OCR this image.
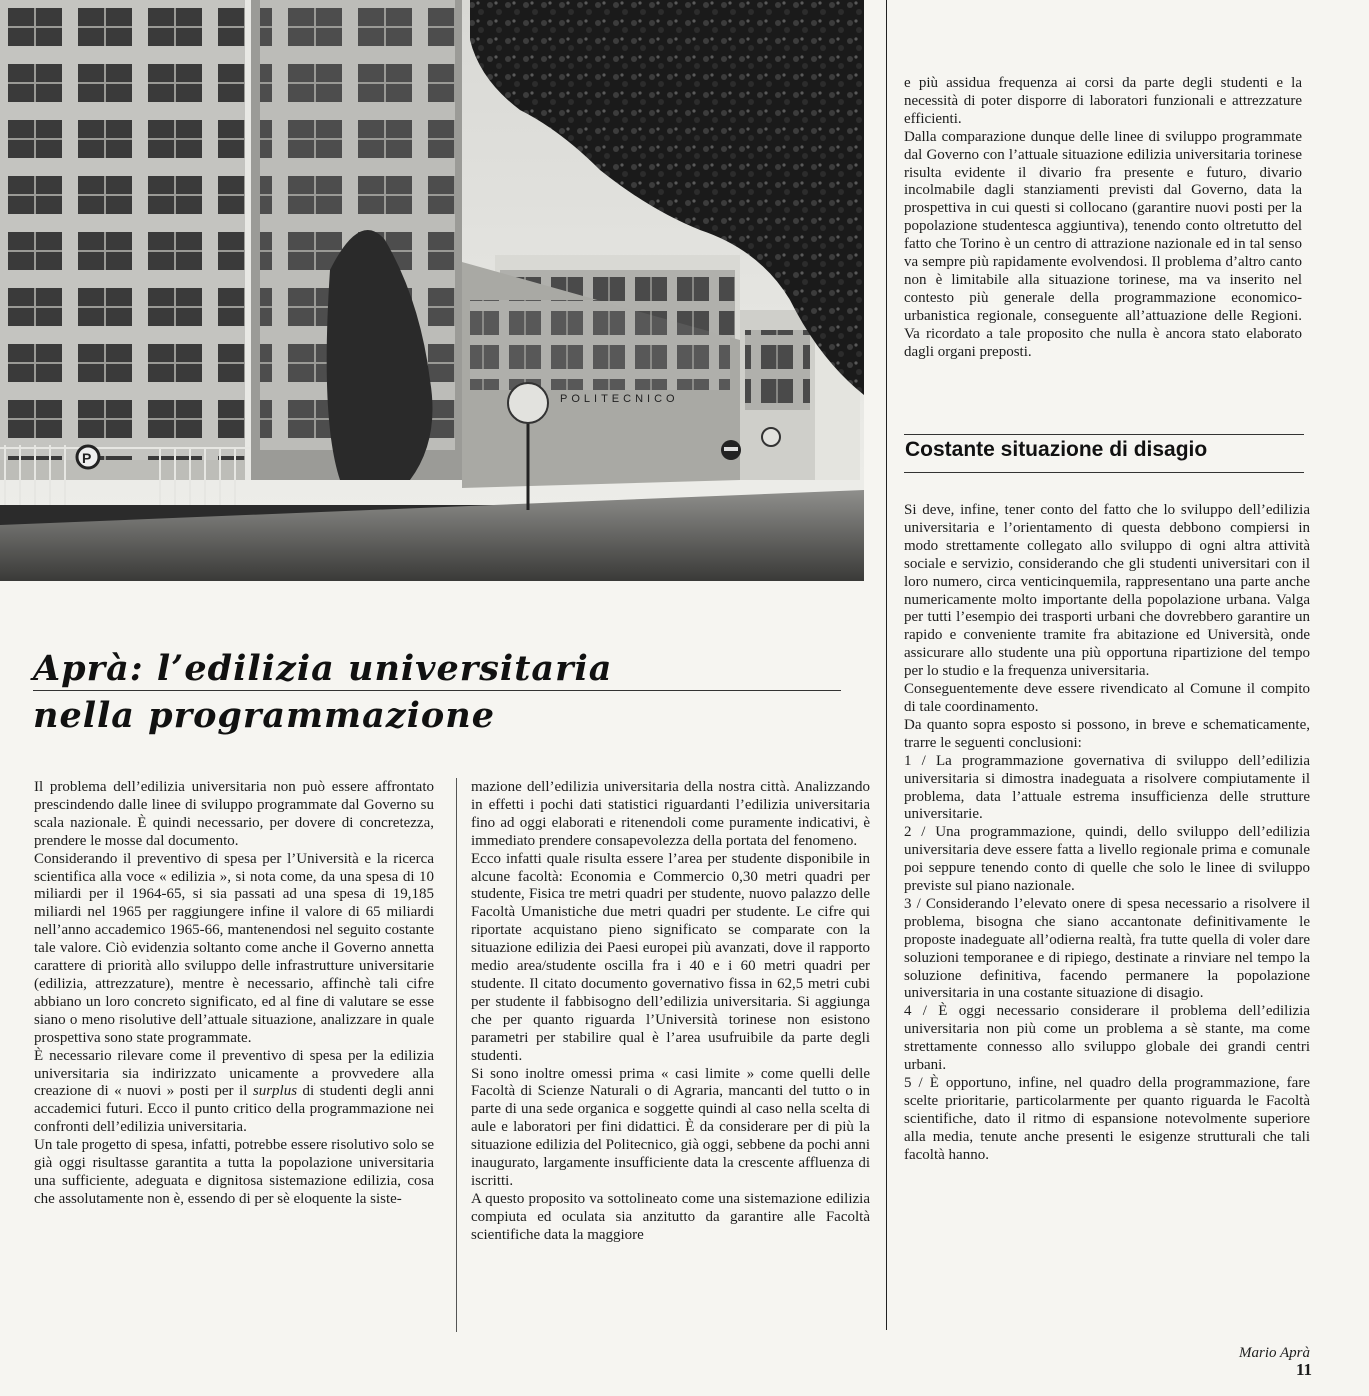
POLITECNICO
P
Aprà: l’edilizia universitaria
nella programmazione

Il problema dell’edilizia universitaria non può essere affrontato prescindendo dalle linee di sviluppo programmate dal Governo su scala nazionale. È quindi necessario, per dovere di concretezza, prendere le mosse dal documento.

Considerando il preventivo di spesa per l’Università e la ricerca scientifica alla voce « edilizia », si nota come, da una spesa di 10 miliardi per il 1964-65, si sia passati ad una spesa di 19,185 miliardi nel 1965 per raggiungere infine il valore di 65 miliardi nell’anno accademico 1965-66, mantenendosi nel seguito costante tale valore. Ciò evidenzia soltanto come anche il Governo annetta carattere di priorità allo sviluppo delle infrastrutture universitarie (edilizia, attrezzature), mentre è necessario, affinchè tali cifre abbiano un loro concreto significato, ed al fine di valutare se esse siano o meno risolutive dell’attuale situazione, analizzare in quale prospettiva sono state programmate.

È necessario rilevare come il preventivo di spesa per la edilizia universitaria sia indirizzato unicamente a provvedere alla creazione di « nuovi » posti per il surplus di studenti degli anni accademici futuri. Ecco il punto critico della programmazione nei confronti dell’edilizia universitaria.

Un tale progetto di spesa, infatti, potrebbe essere risolutivo solo se già oggi risultasse garantita a tutta la popolazione universitaria una sufficiente, adeguata e dignitosa sistemazione edilizia, cosa che assolutamente non è, essendo di per sè eloquente la siste-

mazione dell’edilizia universitaria della nostra città. Analizzando in effetti i pochi dati statistici riguardanti l’edilizia universitaria fino ad oggi elaborati e ritenendoli come puramente indicativi, è immediato prendere consapevolezza della portata del fenomeno.

Ecco infatti quale risulta essere l’area per studente disponibile in alcune facoltà: Economia e Commercio 0,30 metri quadri per studente, Fisica tre metri quadri per studente, nuovo palazzo delle Facoltà Umanistiche due metri quadri per studente. Le cifre qui riportate acquistano pieno significato se comparate con la situazione edilizia dei Paesi europei più avanzati, dove il rapporto medio area/studente oscilla fra i 40 e i 60 metri quadri per studente. Il citato documento governativo fissa in 62,5 metri cubi per studente il fabbisogno dell’edilizia universitaria. Si aggiunga che per quanto riguarda l’Università torinese non esistono parametri per stabilire qual è l’area usufruibile da parte degli studenti.

Si sono inoltre omessi prima « casi limite » come quelli delle Facoltà di Scienze Naturali o di Agraria, mancanti del tutto o in parte di una sede organica e soggette quindi al caso nella scelta di aule e laboratori per fini didattici. È da considerare per di più la situazione edilizia del Politecnico, già oggi, sebbene da pochi anni inaugurato, largamente insufficiente data la crescente affluenza di iscritti.

A questo proposito va sottolineato come una sistemazione edilizia compiuta ed oculata sia anzitutto da garantire alle Facoltà scientifiche data la maggiore

e più assidua frequenza ai corsi da parte degli studenti e la necessità di poter disporre di laboratori funzionali e attrezzature efficienti.

Dalla comparazione dunque delle linee di sviluppo programmate dal Governo con l’attuale situazione edilizia universitaria torinese risulta evidente il divario fra presente e futuro, divario incolmabile dagli stanziamenti previsti dal Governo, data la prospettiva in cui questi si collocano (garantire nuovi posti per la popolazione studentesca aggiuntiva), tenendo conto oltretutto del fatto che Torino è un centro di attrazione nazionale ed in tal senso va sempre più rapidamente evolvendosi. Il problema d’altro canto non è limitabile alla situazione torinese, ma va inserito nel contesto più generale della programmazione economico-urbanistica regionale, conseguente all’attuazione delle Regioni. Va ricordato a tale proposito che nulla è ancora stato elaborato dagli organi preposti.

Costante situazione di disagio

Si deve, infine, tener conto del fatto che lo sviluppo dell’edilizia universitaria e l’orientamento di questa debbono compiersi in modo strettamente collegato allo sviluppo di ogni altra attività sociale e servizio, considerando che gli studenti universitari con il loro numero, circa venticinquemila, rappresentano una parte anche numericamente molto importante della popolazione urbana. Valga per tutti l’esempio dei trasporti urbani che dovrebbero garantire un rapido e conveniente tramite fra abitazione ed Università, onde assicurare allo studente una più opportuna ripartizione del tempo per lo studio e la frequenza universitaria.

Conseguentemente deve essere rivendicato al Comune il compito di tale coordinamento.

Da quanto sopra esposto si possono, in breve e schematicamente, trarre le seguenti conclusioni:

1 / La programmazione governativa di sviluppo dell’edilizia universitaria si dimostra inadeguata a risolvere compiutamente il problema, data l’attuale estrema insufficienza delle strutture universitarie.

2 / Una programmazione, quindi, dello sviluppo dell’edilizia universitaria deve essere fatta a livello regionale prima e comunale poi seppure tenendo conto di quelle che solo le linee di sviluppo previste sul piano nazionale.

3 / Considerando l’elevato onere di spesa necessario a risolvere il problema, bisogna che siano accantonate definitivamente le proposte inadeguate all’odierna realtà, fra tutte quella di voler dare soluzioni temporanee e di ripiego, destinate a rinviare nel tempo la soluzione definitiva, facendo permanere la popolazione universitaria in una costante situazione di disagio.

4 / È oggi necessario considerare il problema dell’edilizia universitaria non più come un problema a sè stante, ma come strettamente connesso allo sviluppo globale dei grandi centri urbani.

5 / È opportuno, infine, nel quadro della programmazione, fare scelte prioritarie, particolarmente per quanto riguarda le Facoltà scientifiche, dato il ritmo di espansione notevolmente superiore alla media, tenute anche presenti le esigenze strutturali che tali facoltà hanno.

Mario Aprà
11
